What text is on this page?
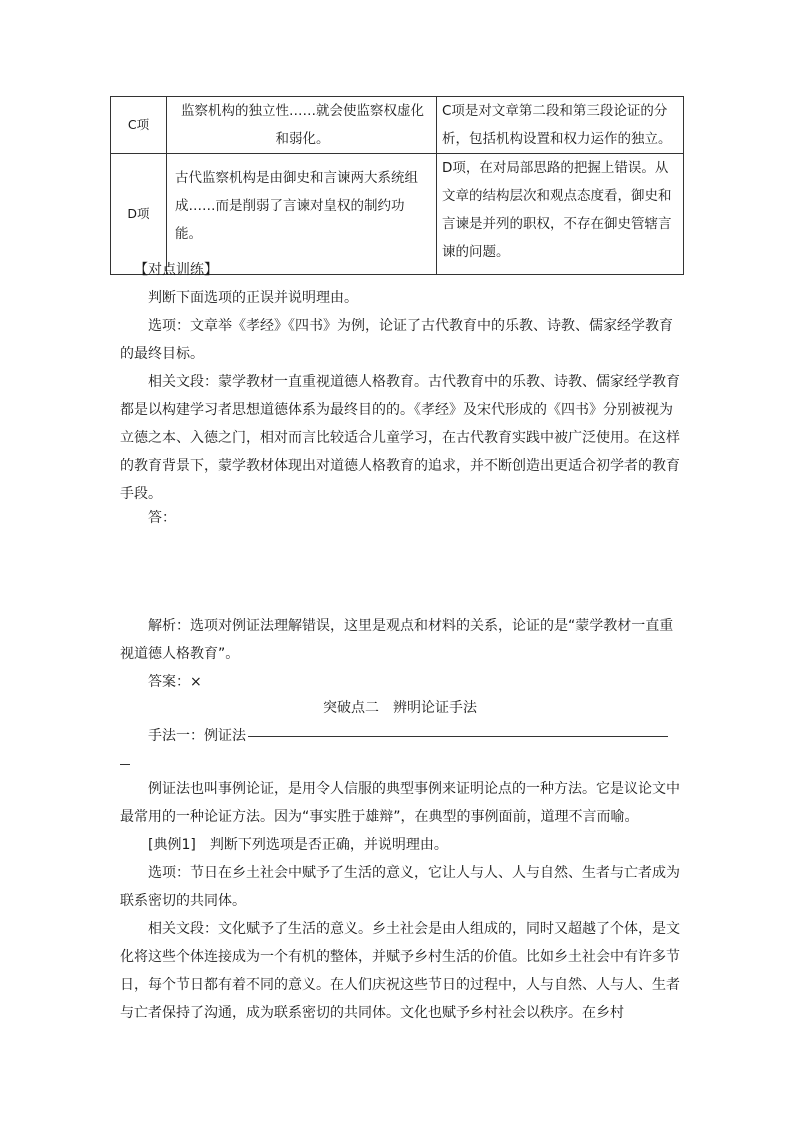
C项	监察机构的独立性……就会使监察权虚化和弱化。	C项是对文章第二段和第三段论证的分析，包括机构设置和权力运作的独立。
D项	古代监察机构是由御史和言谏两大系统组成……而是削弱了言谏对皇权的制约功能。	D项，在对局部思路的把握上错误。从文章的结构层次和观点态度看，御史和言谏是并列的职权，不存在御史管辖言谏的问题。

【对点训练】

判断下面选项的正误并说明理由。

选项：文章举《孝经》《四书》为例，论证了古代教育中的乐教、诗教、儒家经学教育的最终目标。

相关文段：蒙学教材一直重视道德人格教育。古代教育中的乐教、诗教、儒家经学教育都是以构建学习者思想道德体系为最终目的的。《孝经》及宋代形成的《四书》分别被视为立德之本、入德之门，相对而言比较适合儿童学习，在古代教育实践中被广泛使用。在这样的教育背景下，蒙学教材体现出对道德人格教育的追求，并不断创造出更适合初学者的教育手段。

答：

解析：选项对例证法理解错误，这里是观点和材料的关系，论证的是“蒙学教材一直重视道德人格教育”。

答案：×

突破点二　辨明论证手法

手法一：例证法

例证法也叫事例论证，是用令人信服的典型事例来证明论点的一种方法。它是议论文中最常用的一种论证方法。因为“事实胜于雄辩”，在典型的事例面前，道理不言而喻。

[典例1]　判断下列选项是否正确，并说明理由。

选项：节日在乡土社会中赋予了生活的意义，它让人与人、人与自然、生者与亡者成为联系密切的共同体。

相关文段：文化赋予了生活的意义。乡土社会是由人组成的，同时又超越了个体，是文化将这些个体连接成为一个有机的整体，并赋予乡村生活的价值。比如乡土社会中有许多节日，每个节日都有着不同的意义。在人们庆祝这些节日的过程中，人与自然、人与人、生者与亡者保持了沟通，成为联系密切的共同体。文化也赋予乡村社会以秩序。在乡村
